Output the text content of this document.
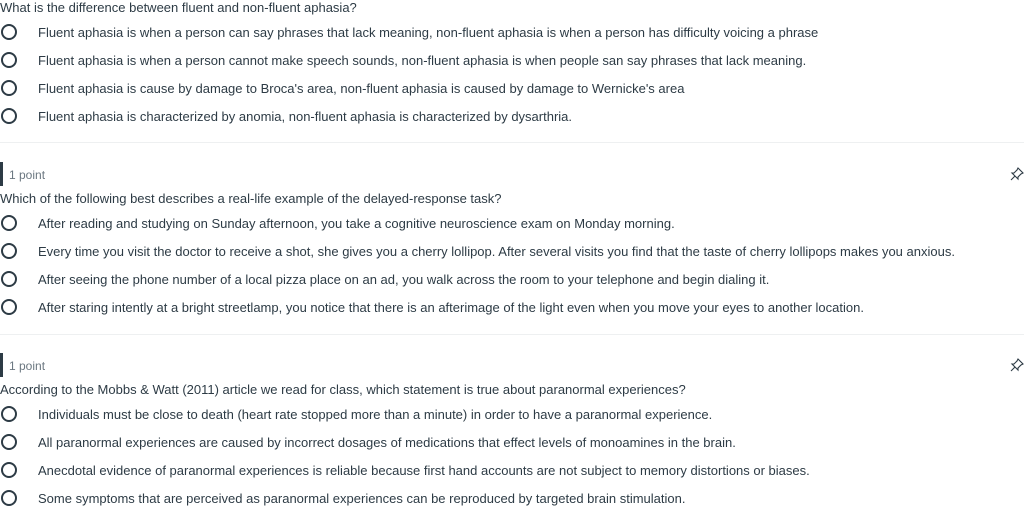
What is the difference between fluent and non-fluent aphasia?
Fluent aphasia is when a person can say phrases that lack meaning, non-fluent aphasia is when a person has difficulty voicing a phrase
Fluent aphasia is when a person cannot make speech sounds, non-fluent aphasia is when people san say phrases that lack meaning.
Fluent aphasia is cause by damage to Broca's area, non-fluent aphasia is caused by damage to Wernicke's area
Fluent aphasia is characterized by anomia, non-fluent aphasia is characterized by dysarthria.
1 point
Which of the following best describes a real-life example of the delayed-response task?
After reading and studying on Sunday afternoon, you take a cognitive neuroscience exam on Monday morning.
Every time you visit the doctor to receive a shot, she gives you a cherry lollipop. After several visits you find that the taste of cherry lollipops makes you anxious.
After seeing the phone number of a local pizza place on an ad, you walk across the room to your telephone and begin dialing it.
After staring intently at a bright streetlamp, you notice that there is an afterimage of the light even when you move your eyes to another location.
1 point
According to the Mobbs & Watt (2011) article we read for class, which statement is true about paranormal experiences?
Individuals must be close to death (heart rate stopped more than a minute) in order to have a paranormal experience.
All paranormal experiences are caused by incorrect dosages of medications that effect levels of monoamines in the brain.
Anecdotal evidence of paranormal experiences is reliable because first hand accounts are not subject to memory distortions or biases.
Some symptoms that are perceived as paranormal experiences can be reproduced by targeted brain stimulation.
